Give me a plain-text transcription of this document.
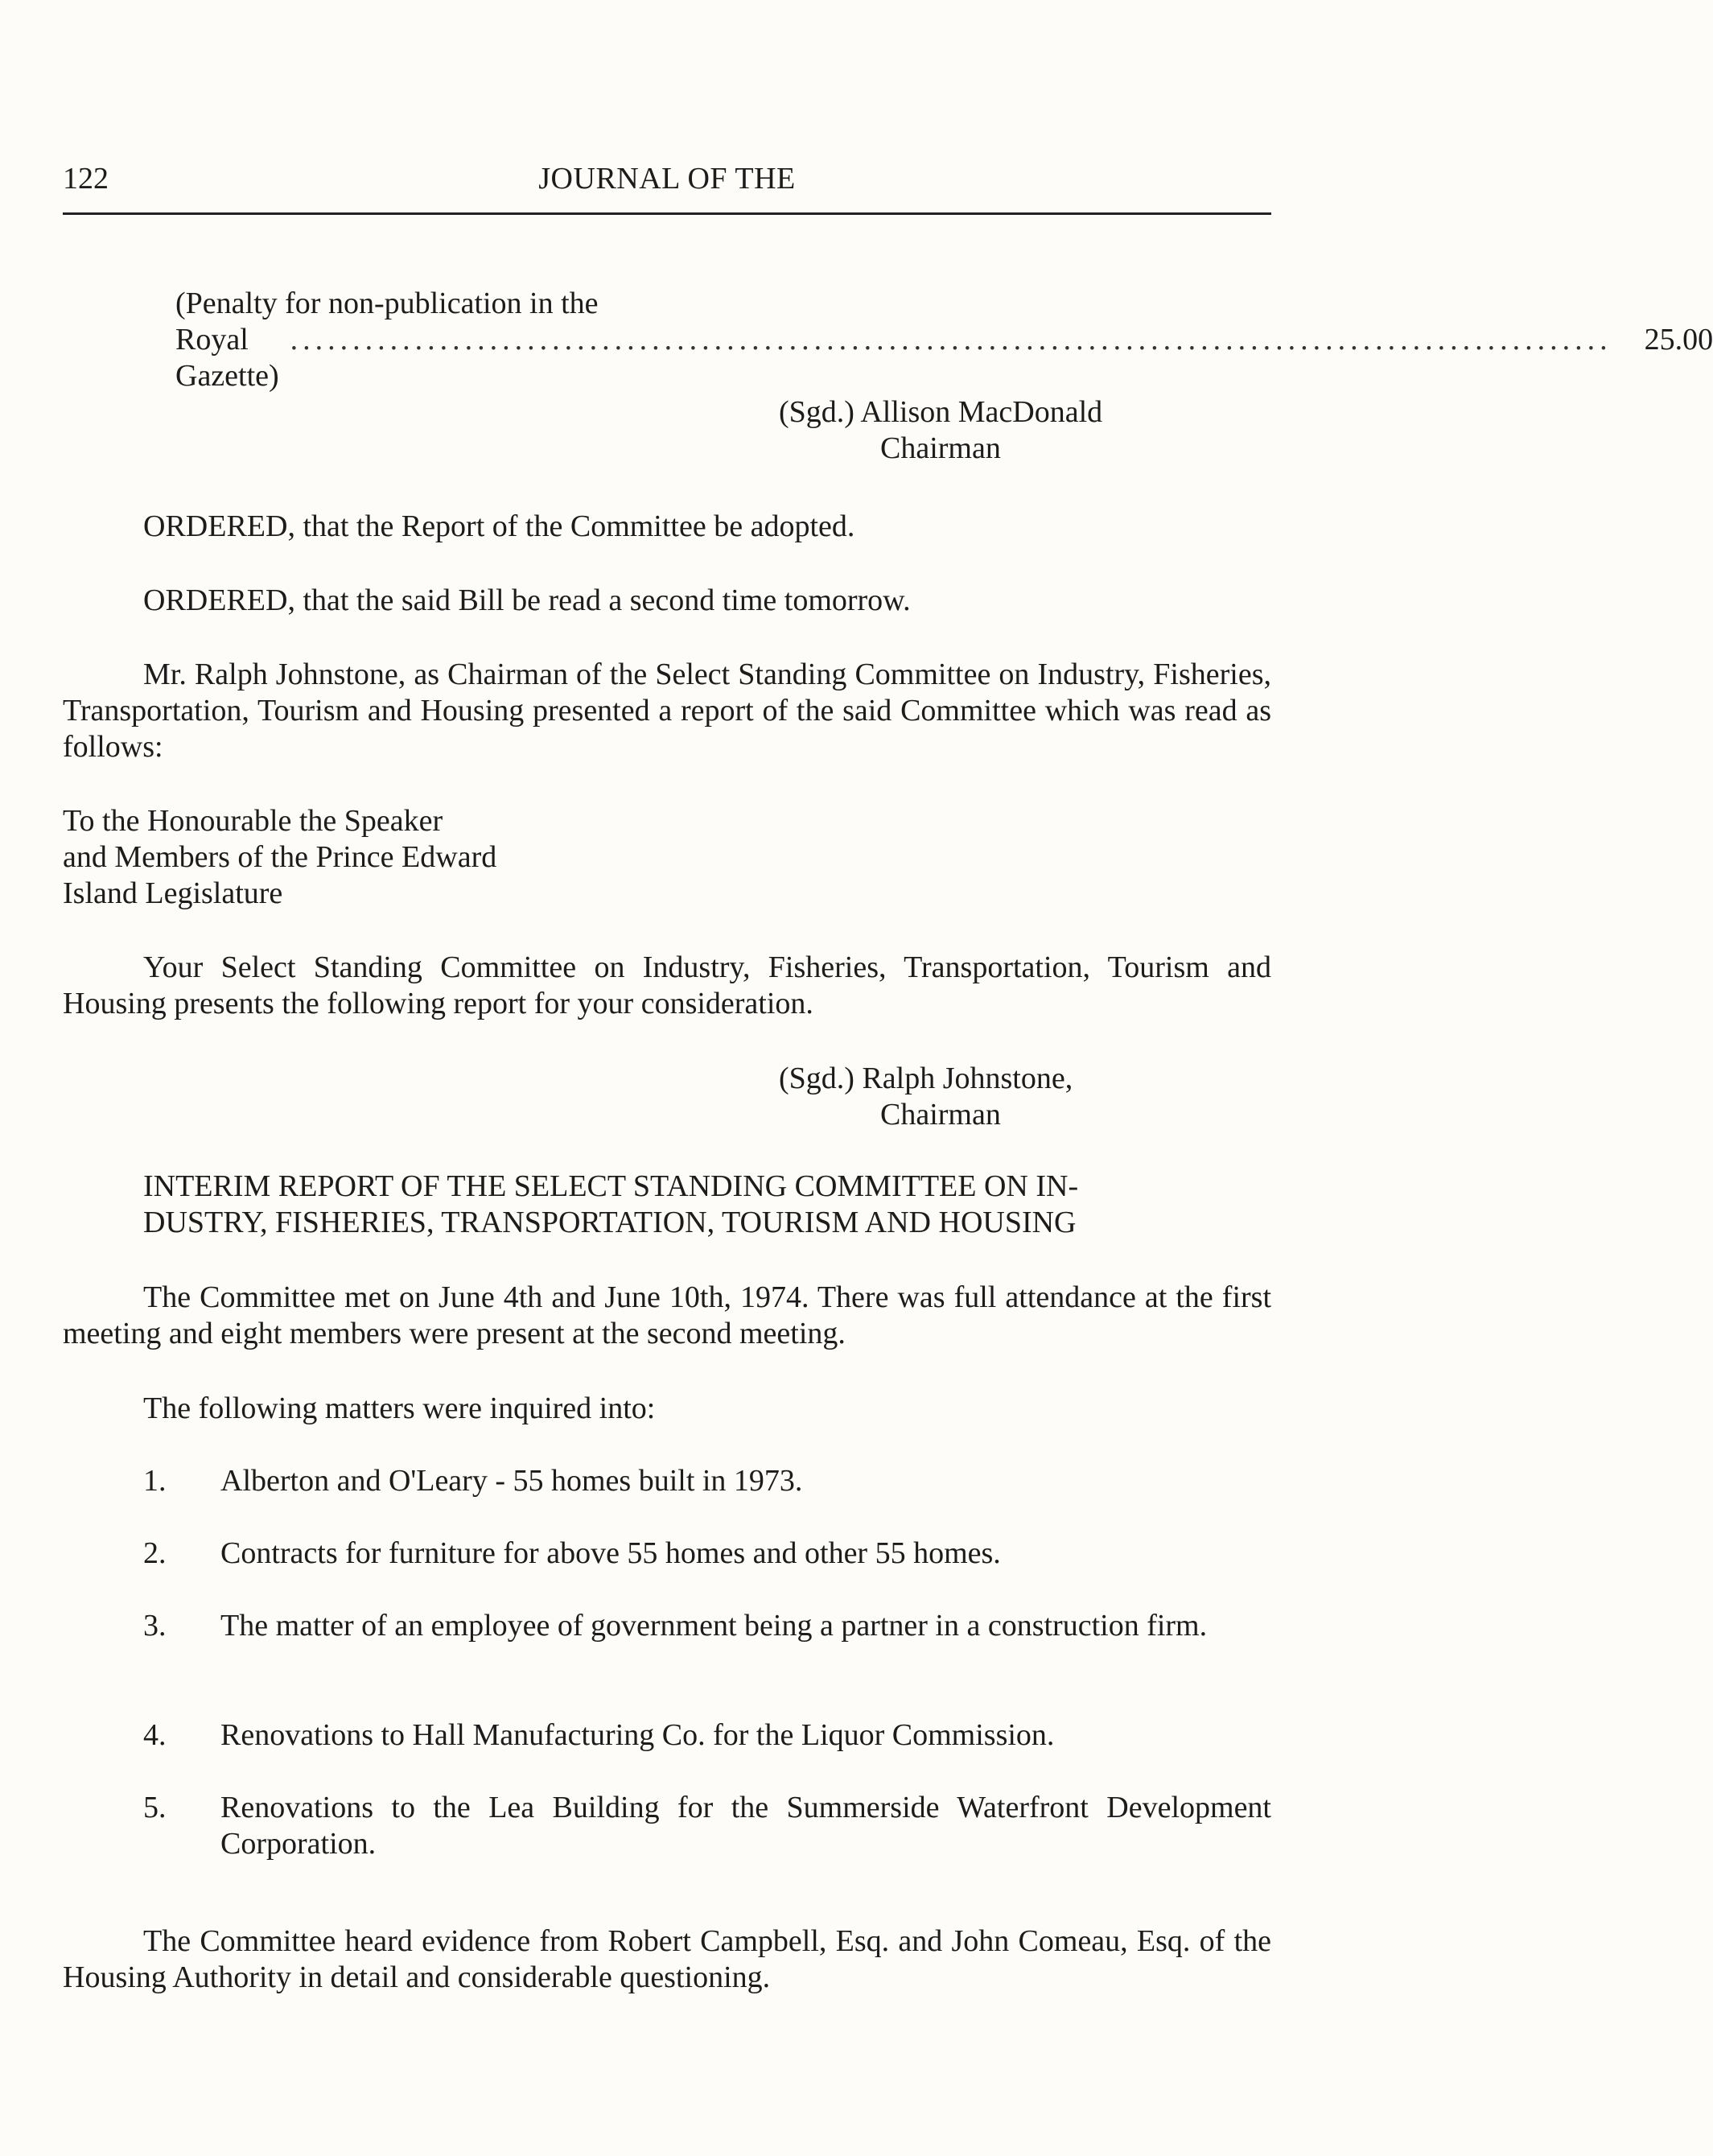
122	JOURNAL OF THE
(Penalty for non-publication in the
Royal Gazette)
.......................................................................................................... 25.00
(Sgd.) Allison MacDonald
Chairman
ORDERED, that the Report of the Committee be adopted.
ORDERED, that the said Bill be read a second time tomorrow.
Mr. Ralph Johnstone, as Chairman of the Select Standing Committee on Industry, Fisheries, Transportation, Tourism and Housing presented a report of the said Committee which was read as follows:
To the Honourable the Speaker
and Members of the Prince Edward
Island Legislature
Your Select Standing Committee on Industry, Fisheries, Transportation, Tourism and Housing presents the following report for your consideration.
(Sgd.) Ralph Johnstone,
Chairman
INTERIM REPORT OF THE SELECT STANDING COMMITTEE ON IN-
DUSTRY, FISHERIES, TRANSPORTATION, TOURISM AND HOUSING
The Committee met on June 4th and June 10th, 1974. There was full attendance at the first meeting and eight members were present at the second meeting.
The following matters were inquired into:
1.	Alberton and O'Leary - 55 homes built in 1973.
2.	Contracts for furniture for above 55 homes and other 55 homes.
3.	The matter of an employee of government being a partner in a construction firm.
4.	Renovations to Hall Manufacturing Co. for the Liquor Commission.
5.	Renovations to the Lea Building for the Summerside Waterfront Development Corporation.
The Committee heard evidence from Robert Campbell, Esq. and John Comeau, Esq. of the Housing Authority in detail and considerable questioning.
